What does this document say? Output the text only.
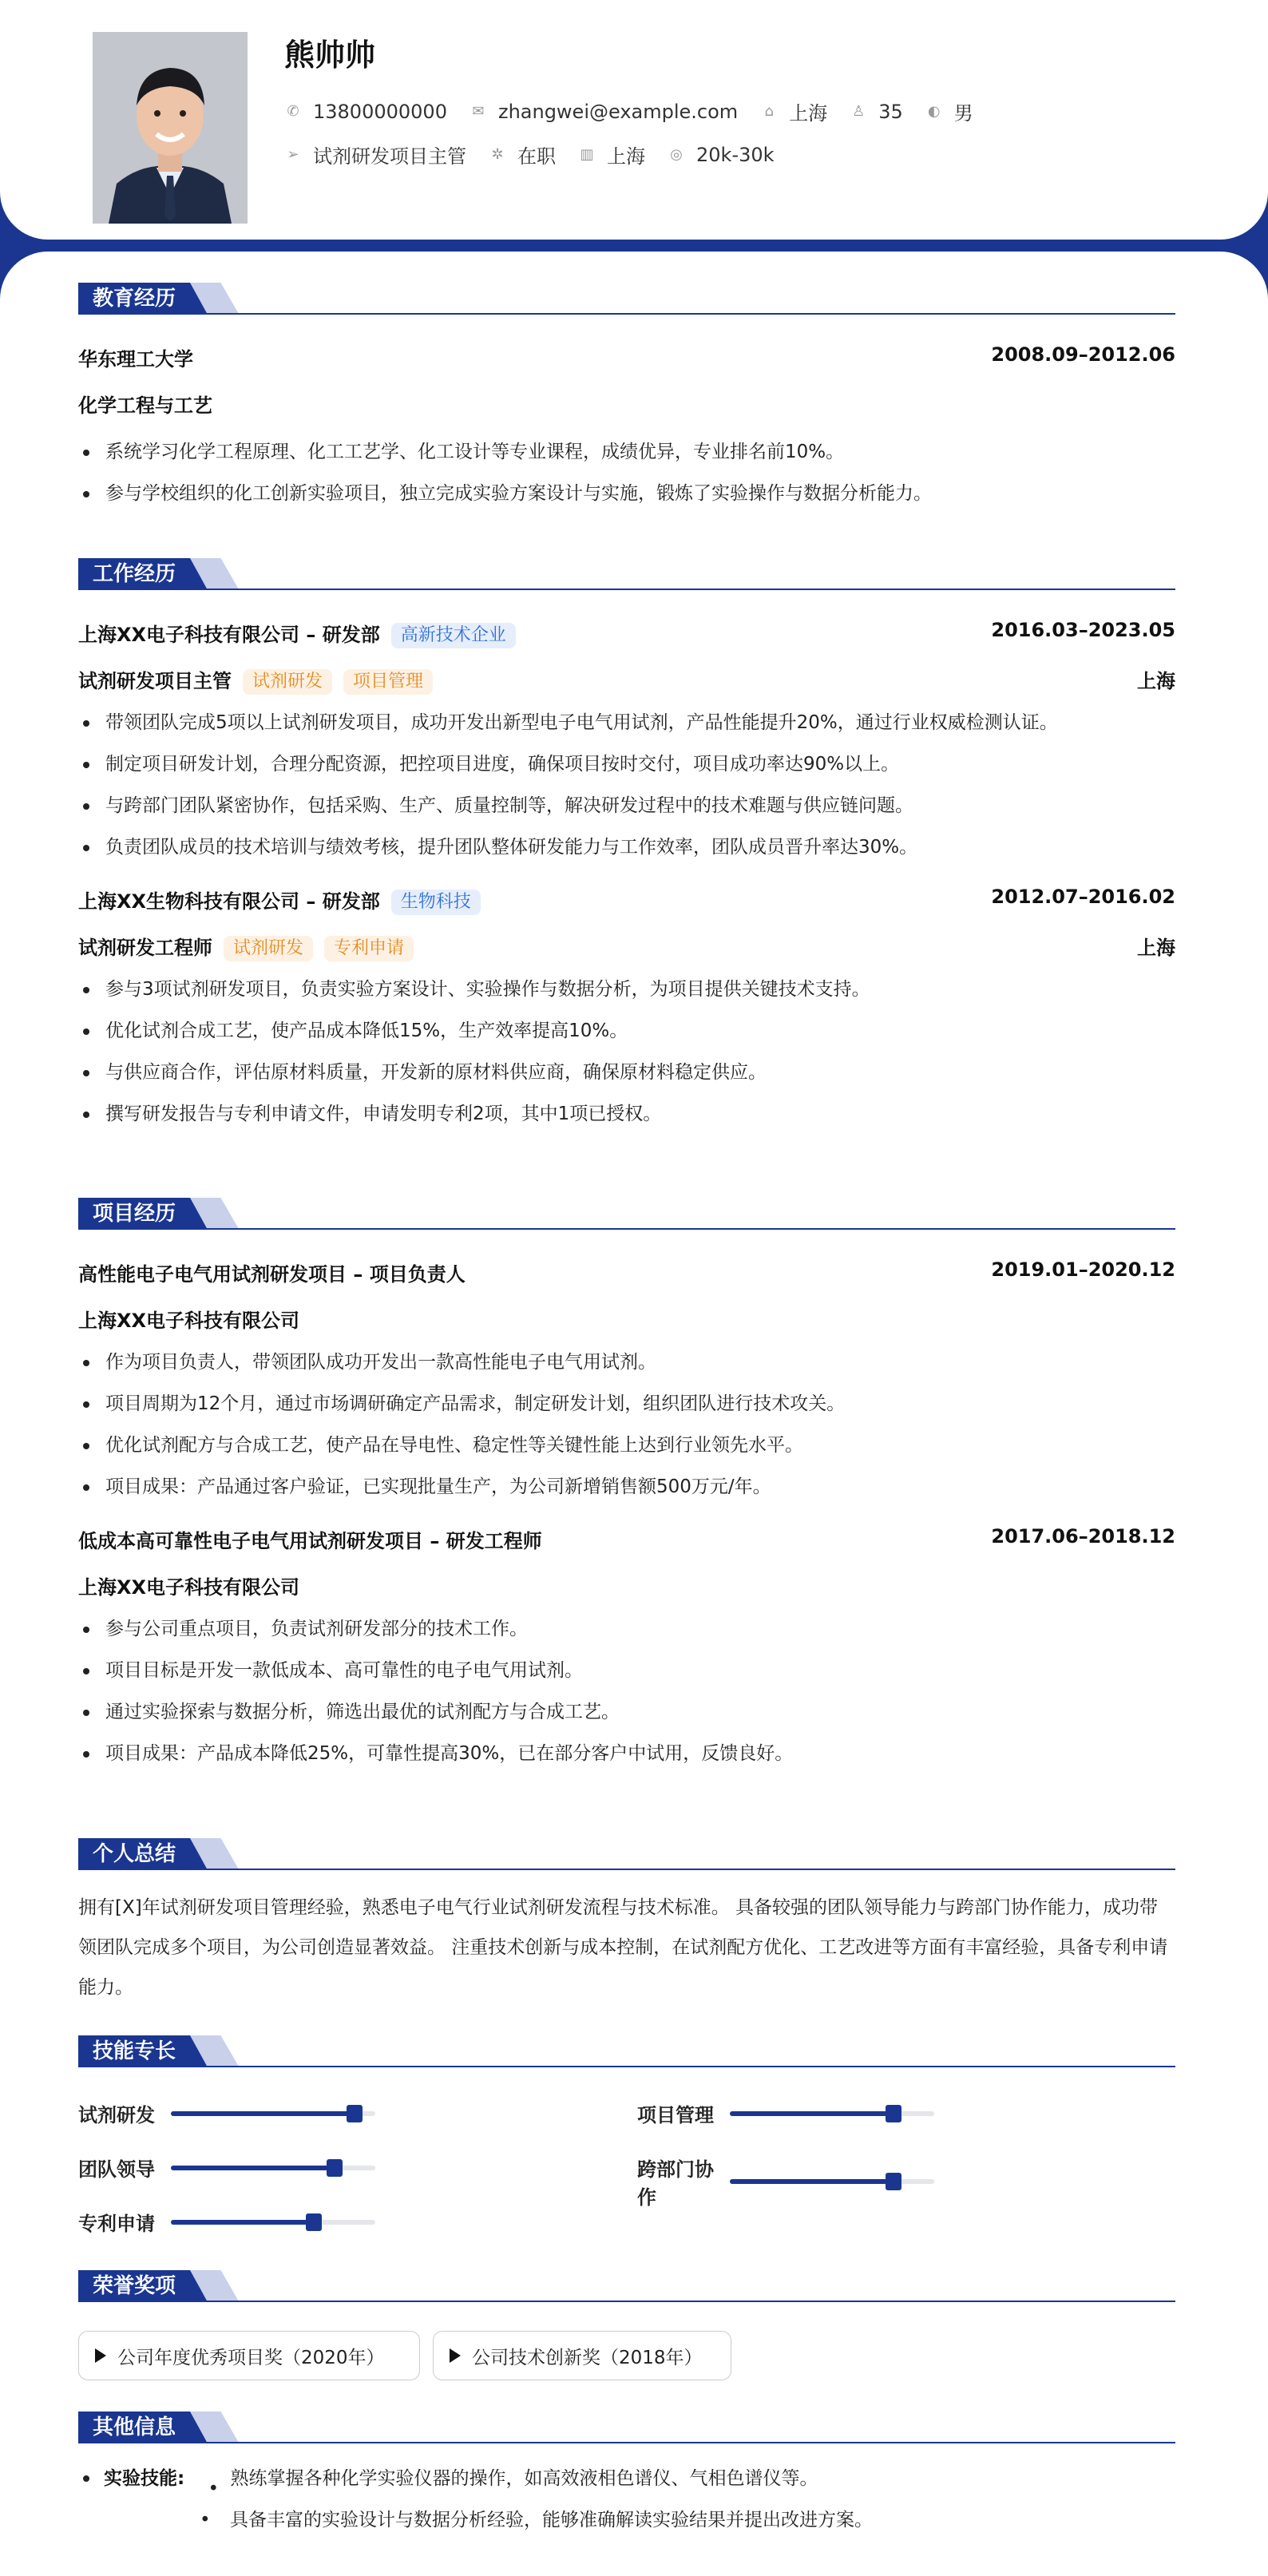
熊帅帅
✆ 13800000000 ✉ zhangwei@example.com ⌂ 上海 ♙ 35 ◐ 男
➢ 试剂研发项目主管 ✲ 在职 ▥ 上海 ◎ 20k-30k
教育经历
华东理工大学	2008.09–2012.06
化学工程与工艺
系统学习化学工程原理、化工工艺学、化工设计等专业课程，成绩优异，专业排名前10%。
参与学校组织的化工创新实验项目，独立完成实验方案设计与实施，锻炼了实验操作与数据分析能力。
工作经历
上海XX电子科技有限公司 – 研发部 高新技术企业	2016.03–2023.05
试剂研发项目主管 试剂研发 项目管理	上海
带领团队完成5项以上试剂研发项目，成功开发出新型电子电气用试剂，产品性能提升20%，通过行业权威检测认证。
制定项目研发计划，合理分配资源，把控项目进度，确保项目按时交付，项目成功率达90%以上。
与跨部门团队紧密协作，包括采购、生产、质量控制等，解决研发过程中的技术难题与供应链问题。
负责团队成员的技术培训与绩效考核，提升团队整体研发能力与工作效率，团队成员晋升率达30%。
上海XX生物科技有限公司 – 研发部 生物科技	2012.07–2016.02
试剂研发工程师 试剂研发 专利申请	上海
参与3项试剂研发项目，负责实验方案设计、实验操作与数据分析，为项目提供关键技术支持。
优化试剂合成工艺，使产品成本降低15%，生产效率提高10%。
与供应商合作，评估原材料质量，开发新的原材料供应商，确保原材料稳定供应。
撰写研发报告与专利申请文件，申请发明专利2项，其中1项已授权。
项目经历
高性能电子电气用试剂研发项目 – 项目负责人	2019.01–2020.12
上海XX电子科技有限公司
作为项目负责人，带领团队成功开发出一款高性能电子电气用试剂。
项目周期为12个月，通过市场调研确定产品需求，制定研发计划，组织团队进行技术攻关。
优化试剂配方与合成工艺，使产品在导电性、稳定性等关键性能上达到行业领先水平。
项目成果：产品通过客户验证，已实现批量生产，为公司新增销售额500万元/年。
低成本高可靠性电子电气用试剂研发项目 – 研发工程师	2017.06–2018.12
上海XX电子科技有限公司
参与公司重点项目，负责试剂研发部分的技术工作。
项目目标是开发一款低成本、高可靠性的电子电气用试剂。
通过实验探索与数据分析，筛选出最优的试剂配方与合成工艺。
项目成果：产品成本降低25%，可靠性提高30%，已在部分客户中试用，反馈良好。
个人总结
拥有[X]年试剂研发项目管理经验，熟悉电子电气行业试剂研发流程与技术标准。 具备较强的团队领导能力与跨部门协作能力，成功带领团队完成多个项目，为公司创造显著效益。 注重技术创新与成本控制，在试剂配方优化、工艺改进等方面有丰富经验，具备专利申请能力。
技能专长
试剂研发	项目管理
团队领导	跨部门协作
专利申请
荣誉奖项
公司年度优秀项目奖（2020年）	公司技术创新奖（2018年）
其他信息
实验技能: • 熟练掌握各种化学实验仪器的操作，如高效液相色谱仪、气相色谱仪等。
• 具备丰富的实验设计与数据分析经验，能够准确解读实验结果并提出改进方案。
